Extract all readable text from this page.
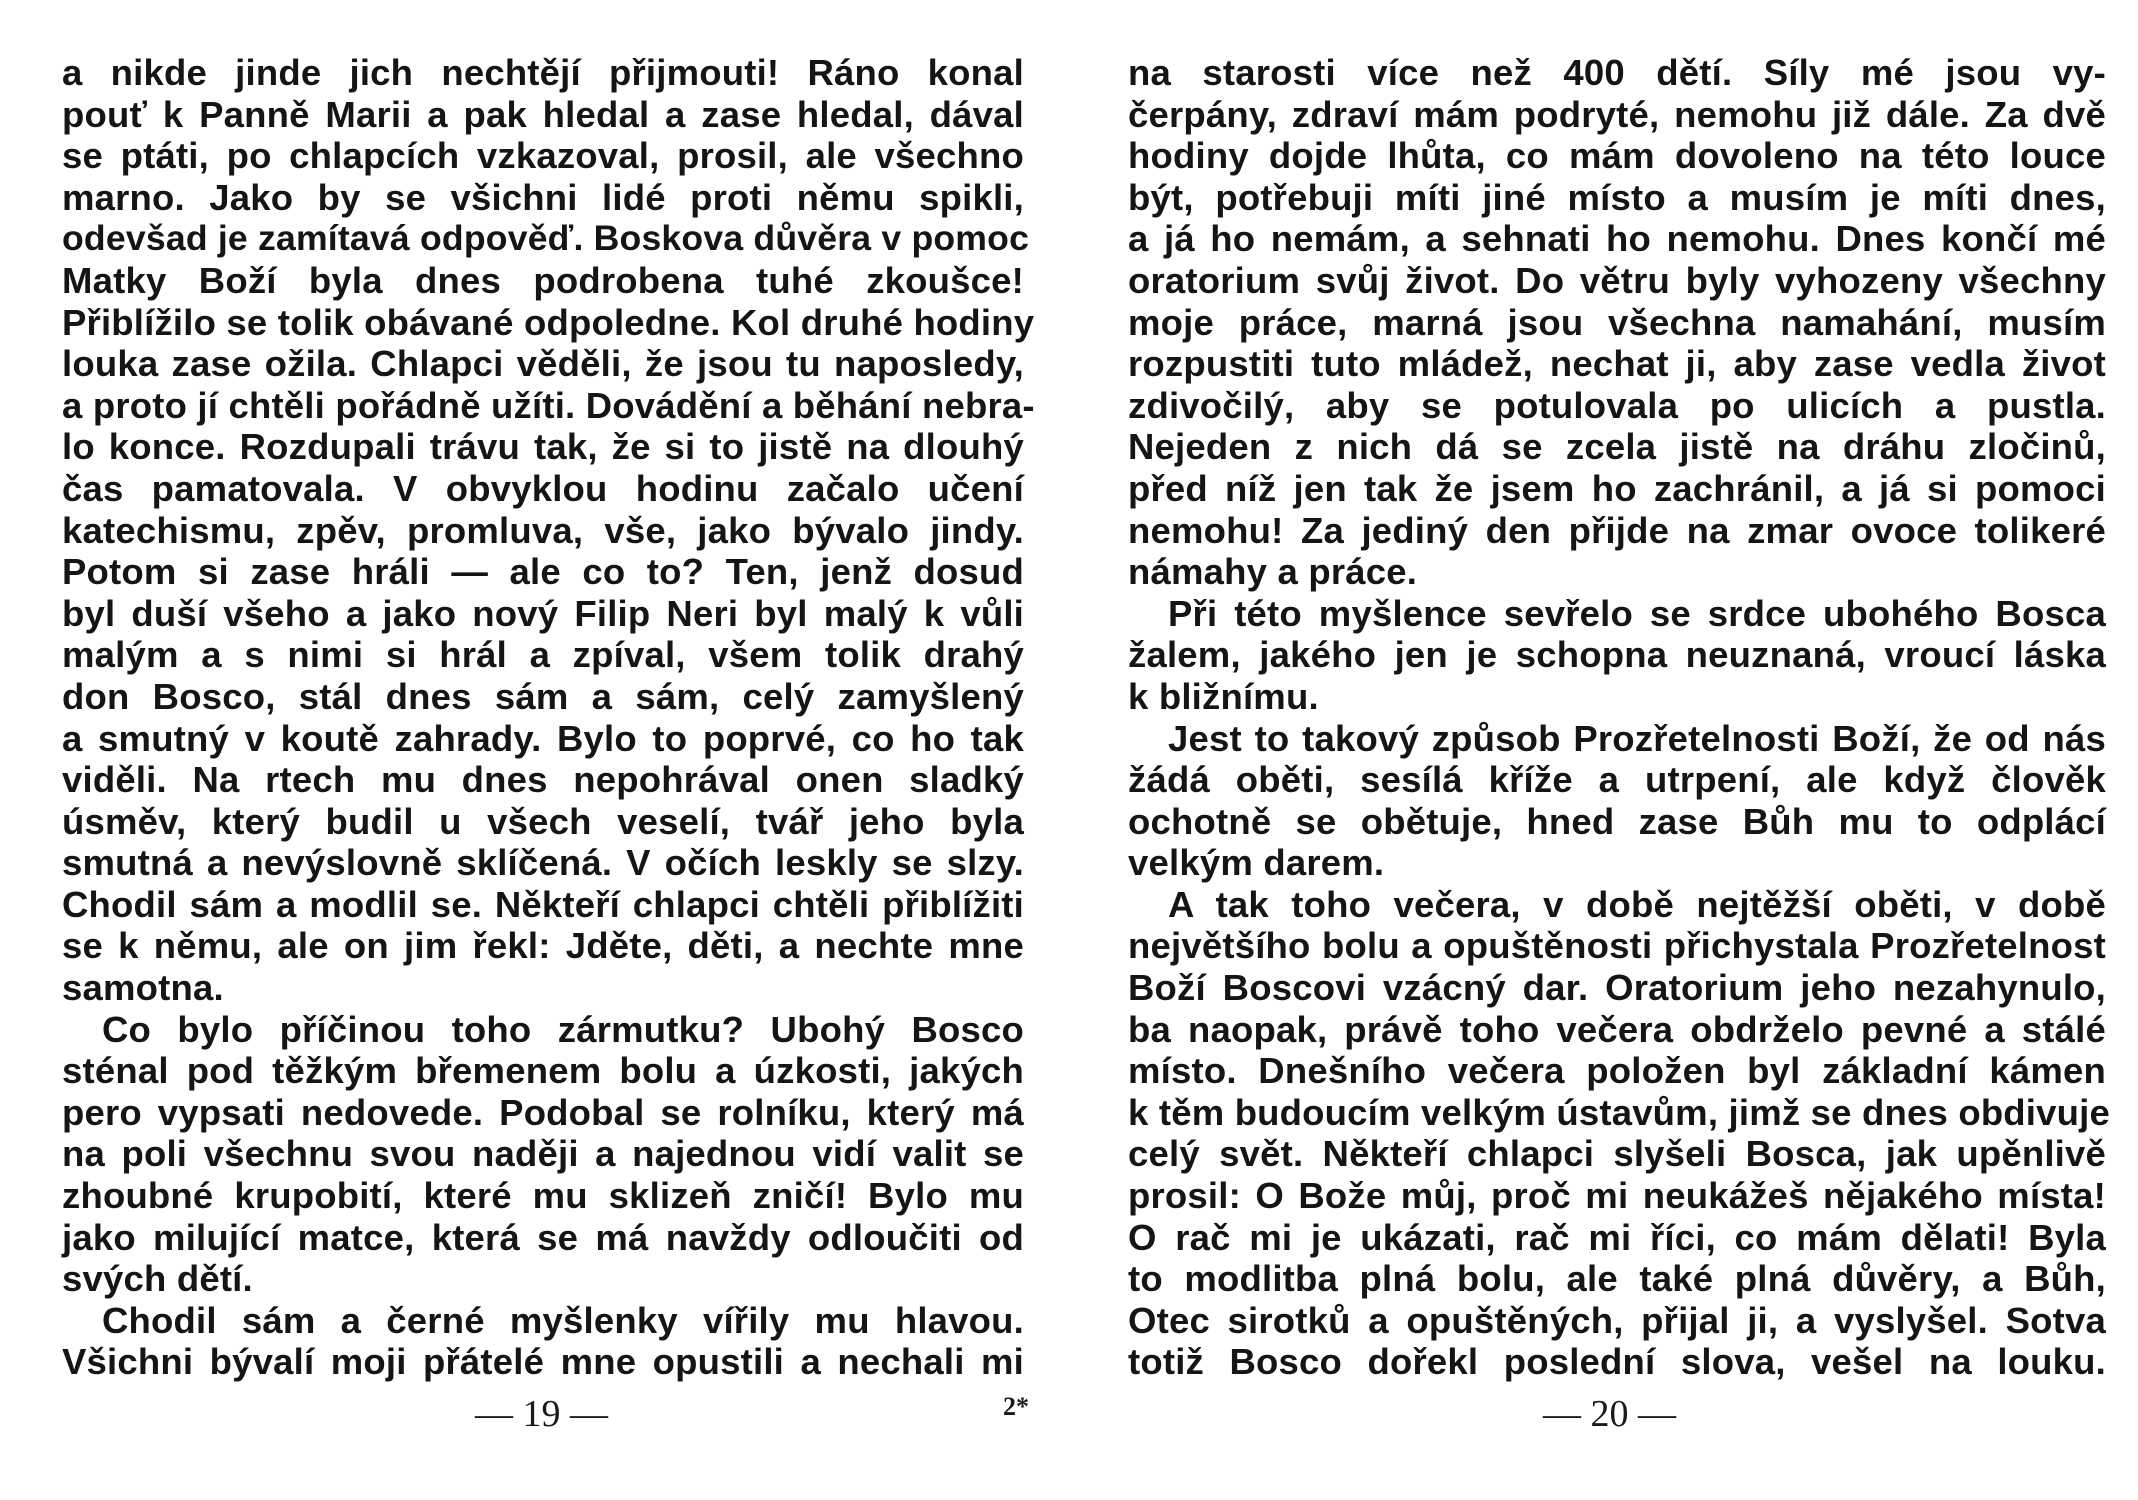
a nikde jinde jich nechtějí přijmouti! Ráno konal
pouť k Panně Marii a pak hledal a zase hledal, dával
se ptáti, po chlapcích vzkazoval, prosil, ale všechno
marno. Jako by se všichni lidé proti němu spikli,
odevšad je zamítavá odpověď. Boskova důvěra v pomoc
Matky Boží byla dnes podrobena tuhé zkoušce!
Přiblížilo se tolik obávané odpoledne. Kol druhé hodiny
louka zase ožila. Chlapci věděli, že jsou tu naposledy,
a proto jí chtěli pořádně užíti. Dovádění a běhání nebra-
lo konce. Rozdupali trávu tak, že si to jistě na dlouhý
čas pamatovala. V obvyklou hodinu začalo učení
katechismu, zpěv, promluva, vše, jako bývalo jindy.
Potom si zase hráli — ale co to? Ten, jenž dosud
byl duší všeho a jako nový Filip Neri byl malý k vůli
malým a s nimi si hrál a zpíval, všem tolik drahý
don Bosco, stál dnes sám a sám, celý zamyšlený
a smutný v koutě zahrady. Bylo to poprvé, co ho tak
viděli. Na rtech mu dnes nepohrával onen sladký
úsměv, který budil u všech veselí, tvář jeho byla
smutná a nevýslovně sklíčená. V očích leskly se slzy.
Chodil sám a modlil se. Někteří chlapci chtěli přiblížiti
se k němu, ale on jim řekl: Jděte, děti, a nechte mne
samotna.
Co bylo příčinou toho zármutku? Ubohý Bosco
sténal pod těžkým břemenem bolu a úzkosti, jakých
pero vypsati nedovede. Podobal se rolníku, který má
na poli všechnu svou naději a najednou vidí valit se
zhoubné krupobití, které mu sklizeň zničí! Bylo mu
jako milující matce, která se má navždy odloučiti od
svých dětí.
Chodil sám a černé myšlenky vířily mu hlavou.
Všichni bývalí moji přátelé mne opustili a nechali mi
na starosti více než 400 dětí. Síly mé jsou vy-
čerpány, zdraví mám podryté, nemohu již dále. Za dvě
hodiny dojde lhůta, co mám dovoleno na této louce
být, potřebuji míti jiné místo a musím je míti dnes,
a já ho nemám, a sehnati ho nemohu. Dnes končí mé
oratorium svůj život. Do větru byly vyhozeny všechny
moje práce, marná jsou všechna namahání, musím
rozpustiti tuto mládež, nechat ji, aby zase vedla život
zdivočilý, aby se potulovala po ulicích a pustla.
Nejeden z nich dá se zcela jistě na dráhu zločinů,
před níž jen tak že jsem ho zachránil, a já si pomoci
nemohu! Za jediný den přijde na zmar ovoce tolikeré
námahy a práce.
Při této myšlence sevřelo se srdce ubohého Bosca
žalem, jakého jen je schopna neuznaná, vroucí láska
k bližnímu.
Jest to takový způsob Prozřetelnosti Boží, že od nás
žádá oběti, sesílá kříže a utrpení, ale když člověk
ochotně se obětuje, hned zase Bůh mu to odplácí
velkým darem.
A tak toho večera, v době nejtěžší oběti, v době
největšího bolu a opuštěnosti přichystala Prozřetelnost
Boží Boscovi vzácný dar. Oratorium jeho nezahynulo,
ba naopak, právě toho večera obdrželo pevné a stálé
místo. Dnešního večera položen byl základní kámen
k těm budoucím velkým ústavům, jimž se dnes obdivuje
celý svět. Někteří chlapci slyšeli Bosca, jak upěnlivě
prosil: O Bože můj, proč mi neukážeš nějakého místa!
O rač mi je ukázati, rač mi říci, co mám dělati! Byla
to modlitba plná bolu, ale také plná důvěry, a Bůh,
Otec sirotků a opuštěných, přijal ji, a vyslyšel. Sotva
totiž Bosco dořekl poslední slova, vešel na louku.
— 19 —	2*	— 20 —
